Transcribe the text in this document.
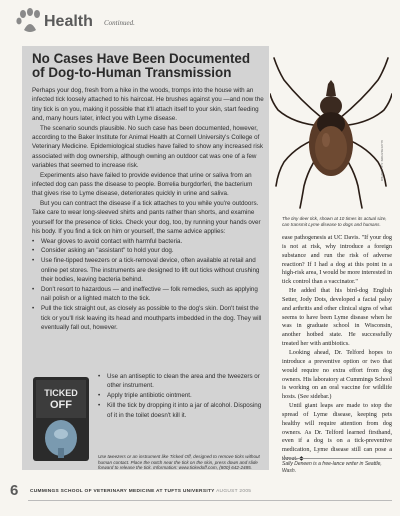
Health Continued.
No Cases Have Been Documented
of Dog-to-Human Transmission

Perhaps your dog, fresh from a hike in the woods, tromps into the house with an infected tick loosely attached to his haircoat. He brushes against you —and now the tiny tick is on you, making it possible that it'll attach itself to your skin, start feeding and, many hours later, infect you with Lyme disease.

The scenario sounds plausible. No such case has been documented, however, according to the Baker Institute for Animal Health at Cornell University's College of Veterinary Medicine. Epidemiological studies have failed to show any increased risk associated with dog ownership, although owning an outdoor cat was one of a few variables that seemed to increase risk.

Experiments also have failed to provide evidence that urine or saliva from an infected dog can pass the disease to people. Borrelia burgdorferi, the bacterium that gives rise to Lyme disease, deteriorates quickly in urine and saliva.

But you can contract the disease if a tick attaches to you while you're outdoors. Take care to wear long-sleeved shirts and pants rather than shorts, and examine yourself for the presence of ticks. Check your dog, too, by running your hands over his body. If you find a tick on him or yourself, the same advice applies:

• Wear gloves to avoid contact with harmful bacteria.
• Consider asking an "assistant" to hold your dog.
• Use fine-tipped tweezers or a tick-removal device, often available at retail and online pet stores. The instruments are designed to lift out ticks without crushing their bodies, leaving bacteria behind.
• Don't resort to hazardous — and ineffective — folk remedies, such as applying nail polish or a lighted match to the tick.
• Pull the tick straight out, as closely as possible to the dog's skin. Don't twist the tick or you'll risk leaving its head and mouthparts imbedded in the dog. They will eventually fall out, however.
TICKED
OFF
• Use an antiseptic to clean the area and the tweezers or other instrument.
• Apply triple antibiotic ointment.
• Kill the tick by dropping it into a jar of alcohol. Disposing of it in the toilet doesn't kill it.
Use tweezers or an instrument like Ticked Off, designed to remove ticks without human contact. Place the notch near the tick on the skin, press down and slide forward to release the tick. Information: www.tickedoff.com, (800) 642-2485.
ILLUSTRATION: A.P. CARTER
The tiny deer tick, shown at 10 times its actual size, can transmit Lyme disease to dogs and humans.

ease pathogenesis at UC Davis. "If your dog is not at risk, why introduce a foreign substance and run the risk of adverse reaction? If I had a dog at this point in a high-risk area, I would be more interested in tick control than a vaccinator."

He added that his bird-dog English Setter, Jody Dots, developed a facial palsy and arthritis and other clinical signs of what seems to have been Lyme disease when he was in graduate school in Wisconsin, another hotbed state. He successfully treated her with antibiotics.

Looking ahead, Dr. Telford hopes to introduce a preventive option or two that would require no extra effort from dog owners. His laboratory at Cummings School is working on an oral vaccine for wildlife hosts. (See sidebar.)

Until giant leaps are made to stop the spread of Lyme disease, keeping pets healthy will require attention from dog owners. As Dr. Telford learned firsthand, even if a dog is on a tick-preventive medication, Lyme disease still can pose a threat. ◆

Sally Deneen is a free-lance writer in Seattle, Wash.
6 CUMMINGS SCHOOL OF VETERINARY MEDICINE AT TUFTS UNIVERSITY AUGUST 2005
